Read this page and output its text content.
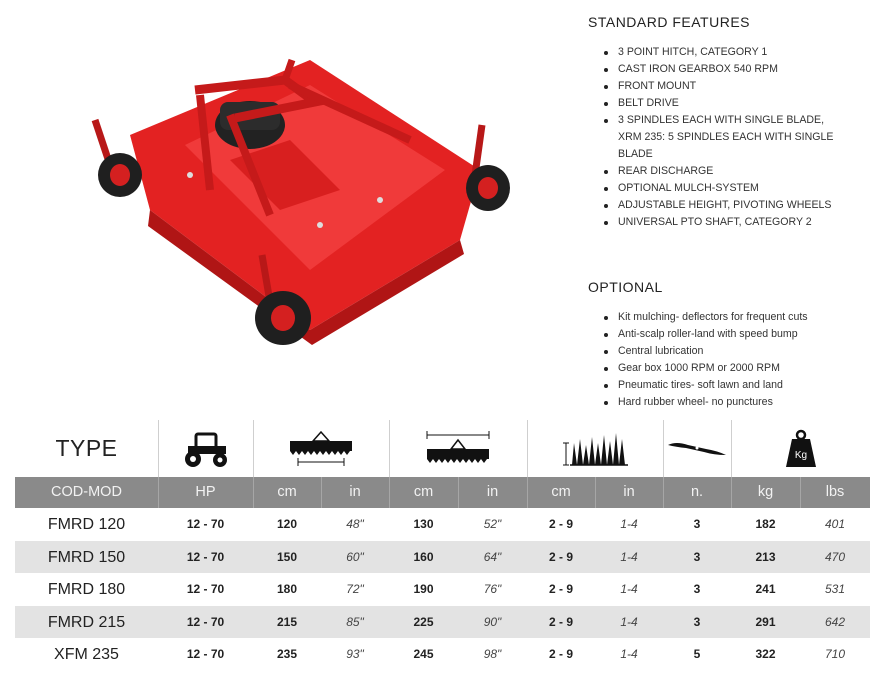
STANDARD FEATURES
3 POINT HITCH, CATEGORY 1
CAST IRON GEARBOX 540 RPM
FRONT MOUNT
BELT DRIVE
3 SPINDLES EACH WITH SINGLE BLADE,
XRM 235: 5 SPINDLES EACH WITH SINGLE
BLADE
REAR DISCHARGE
OPTIONAL MULCH-SYSTEM
ADJUSTABLE HEIGHT, PIVOTING WHEELS
UNIVERSAL PTO SHAFT, CATEGORY 2
OPTIONAL
Kit mulching- deflectors for frequent cuts
Anti-scalp roller-land with speed bump
Central lubrication
Gear box 1000 RPM or 2000 RPM
Pneumatic tires- soft lawn and land
Hard rubber wheel- no punctures
TYPE	Kg
COD-MOD	HP	cm	in	cm	in	cm	in	n.	kg	lbs
FMRD 120	12 - 70	120	48"	130	52"	2 - 9	1-4	3	182	401
FMRD 150	12 - 70	150	60"	160	64"	2 - 9	1-4	3	213	470
FMRD 180	12 - 70	180	72"	190	76"	2 - 9	1-4	3	241	531
FMRD 215	12 - 70	215	85"	225	90"	2 - 9	1-4	3	291	642
XFM 235	12 - 70	235	93"	245	98"	2 - 9	1-4	5	322	710
